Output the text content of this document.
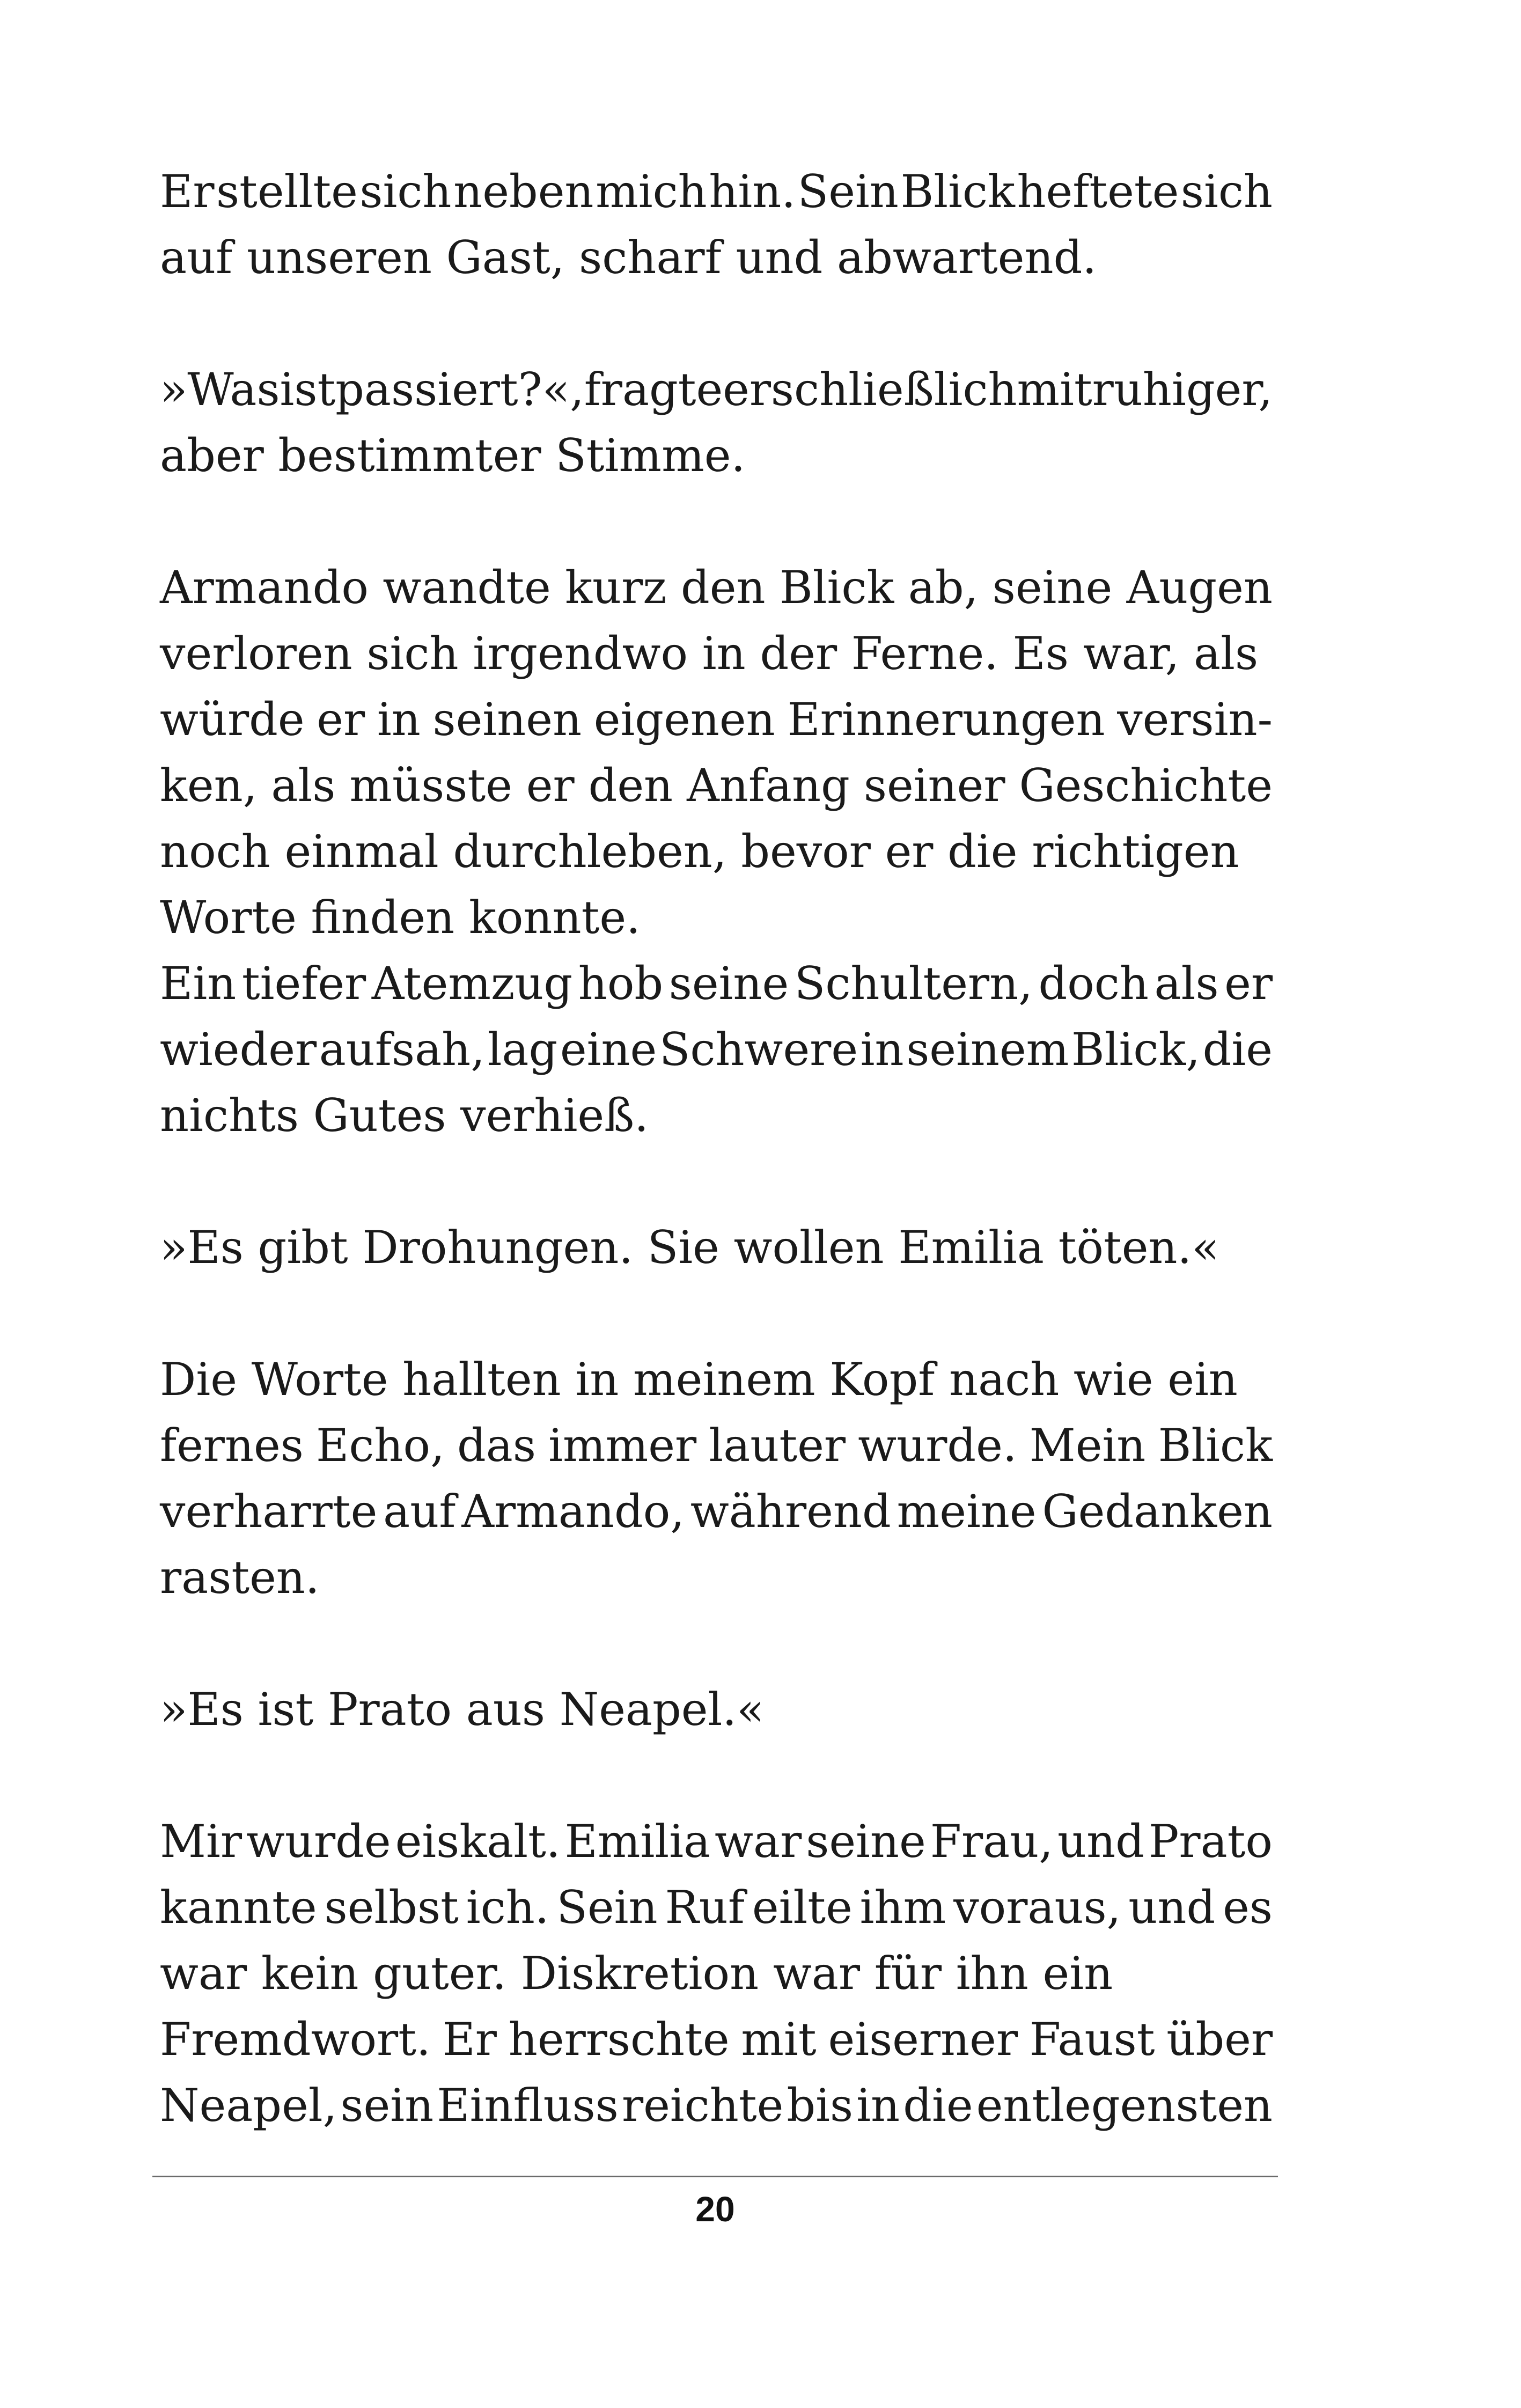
Er stellte sich neben mich hin. Sein Blick heftete sich
auf unseren Gast, scharf und abwartend.
»Was ist passiert?«, fragte er schließlich mit ruhiger,
aber bestimmter Stimme.
Armando wandte kurz den Blick ab, seine Augen
verloren sich irgendwo in der Ferne. Es war, als
würde er in seinen eigenen Erinnerungen versin-
ken, als müsste er den Anfang seiner Geschichte
noch einmal durchleben, bevor er die richtigen
Worte finden konnte.
Ein tiefer Atemzug hob seine Schultern, doch als er
wieder aufsah, lag eine Schwere in seinem Blick, die
nichts Gutes verhieß.
»Es gibt Drohungen. Sie wollen Emilia töten.«
Die Worte hallten in meinem Kopf nach wie ein
fernes Echo, das immer lauter wurde. Mein Blick
verharrte auf Armando, während meine Gedanken
rasten.
»Es ist Prato aus Neapel.«
Mir wurde eiskalt. Emilia war seine Frau, und Prato
kannte selbst ich. Sein Ruf eilte ihm voraus, und es
war kein guter. Diskretion war für ihn ein
Fremdwort. Er herrschte mit eiserner Faust über
Neapel, sein Einfluss reichte bis in die entlegensten
20
